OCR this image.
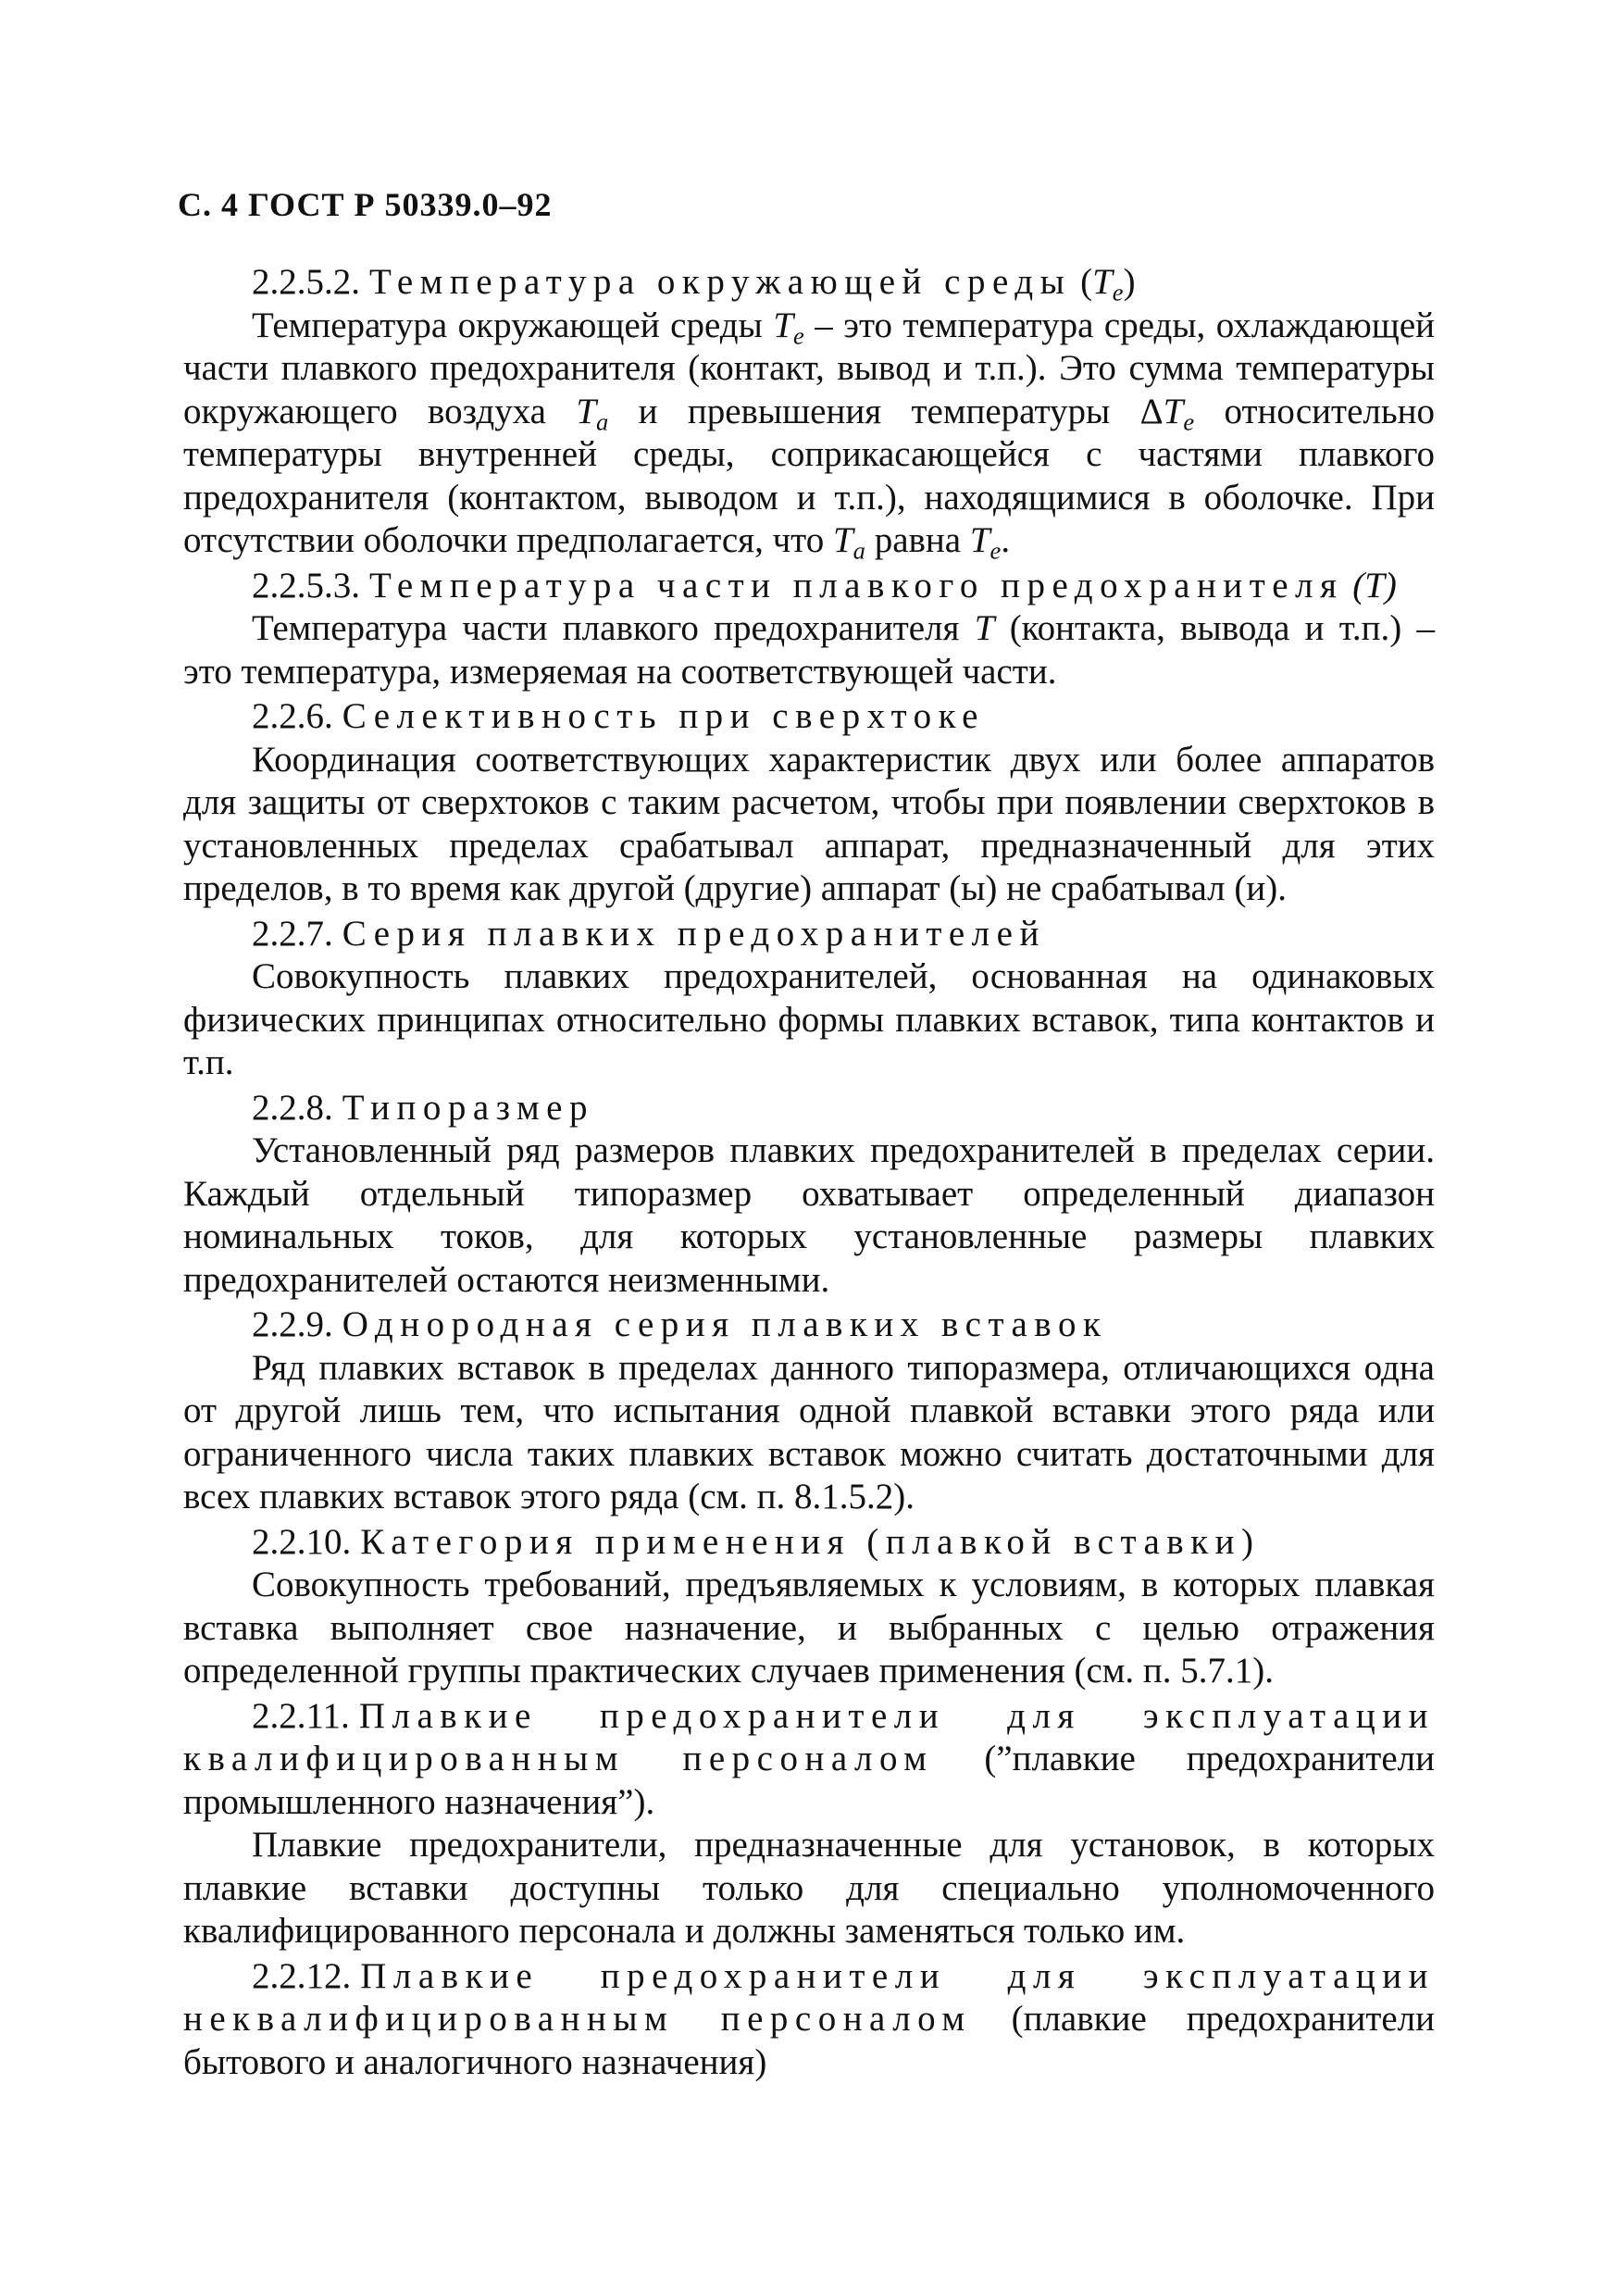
С. 4 ГОСТ Р 50339.0–92

2.2.5.2. Температура окружающей среды $(T_e)$

Температура окружающей среды $T_e$ – это температура среды, охлаждающей части плавкого предохранителя (контакт, вывод и т.п.). Это сумма температуры окружающего воздуха $T_a$ и превышения температуры $\Delta T_e$ относительно температуры внутренней среды, соприкасающейся с частями плавкого предохранителя (контактом, выводом и т.п.), находящимися в оболочке. При отсутствии оболочки предполагается, что $T_a$ равна $T_e$.

2.2.5.3. Температура части плавкого предохранителя (T)

Температура части плавкого предохранителя T (контакта, вывода и т.п.) – это температура, измеряемая на соответствующей части.

2.2.6. Селективность при сверхтоке

Координация соответствующих характеристик двух или более аппаратов для защиты от сверхтоков с таким расчетом, чтобы при появлении сверхтоков в установленных пределах срабатывал аппарат, предназначенный для этих пределов, в то время как другой (другие) аппарат (ы) не срабатывал (и).

2.2.7. Серия плавких предохранителей

Совокупность плавких предохранителей, основанная на одинаковых физических принципах относительно формы плавких вставок, типа контактов и т.п.

2.2.8. Типоразмер

Установленный ряд размеров плавких предохранителей в пределах серии. Каждый отдельный типоразмер охватывает определенный диапазон номинальных токов, для которых установленные размеры плавких предохранителей остаются неизменными.

2.2.9. Однородная серия плавких вставок

Ряд плавких вставок в пределах данного типоразмера, отличающихся одна от другой лишь тем, что испытания одной плавкой вставки этого ряда или ограниченного числа таких плавких вставок можно считать достаточными для всех плавких вставок этого ряда (см. п. 8.1.5.2).

2.2.10. Категория применения (плавкой вставки)

Совокупность требований, предъявляемых к условиям, в которых плавкая вставка выполняет свое назначение, и выбранных с целью отражения определенной группы практических случаев применения (см. п. 5.7.1).

2.2.11. Плавкие предохранители для эксплуатации квалифицированным персоналом (”плавкие предохранители промышленного назначения”).

Плавкие предохранители, предназначенные для установок, в которых плавкие вставки доступны только для специально уполномоченного квалифицированного персонала и должны заменяться только им.

2.2.12. Плавкие предохранители для эксплуатации неквалифицированным персоналом (плавкие предохранители бытового и аналогичного назначения)
